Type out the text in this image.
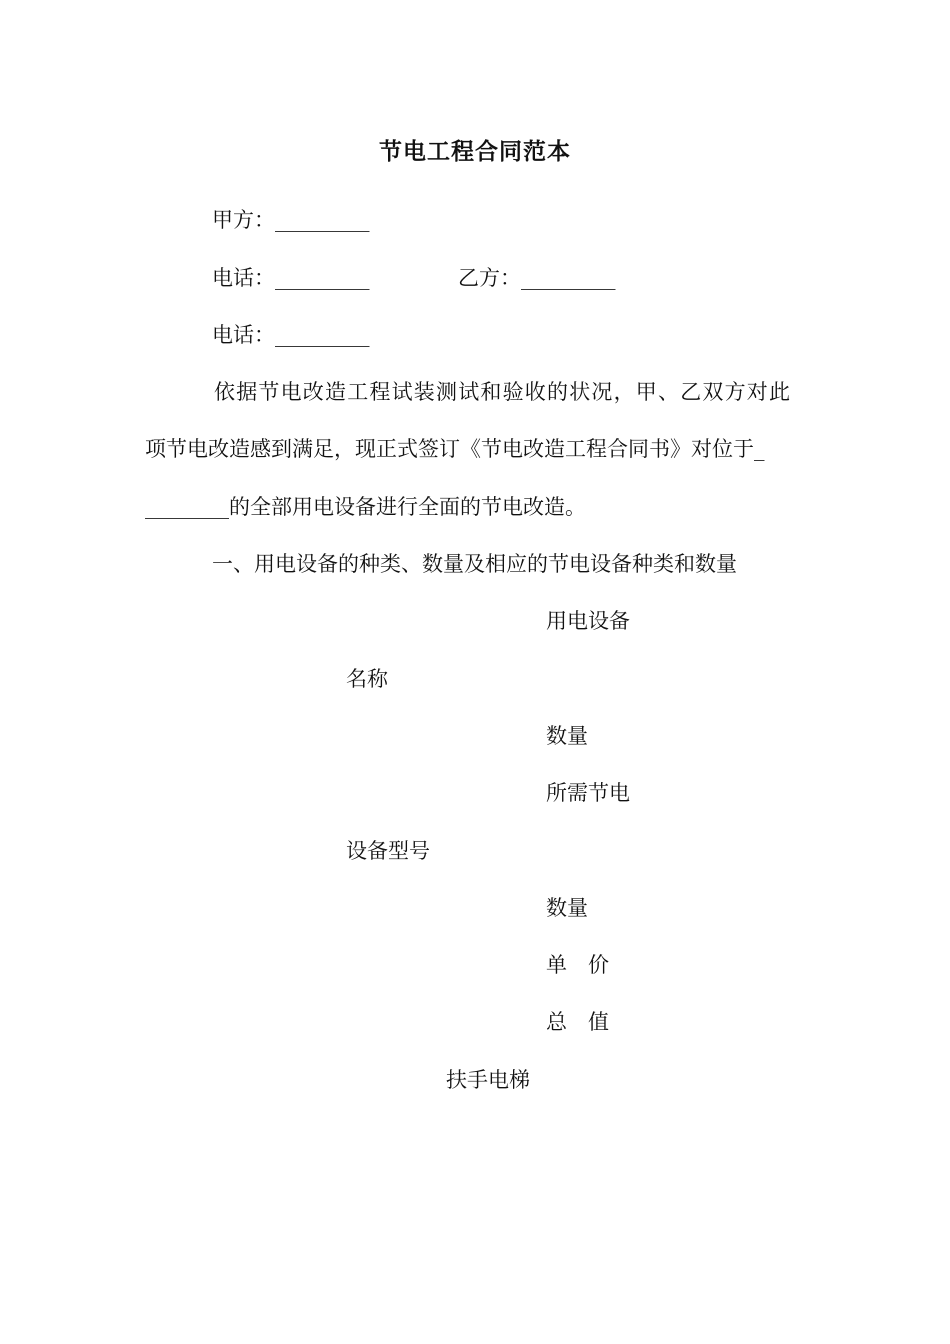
节电工程合同范本
甲方：_________
电话：_________	乙方：_________
电话：_________
依据节电改造工程试装测试和验收的状况，甲、乙双方对此
项节电改造感到满足，现正式签订《节电改造工程合同书》对位于_
________的全部用电设备进行全面的节电改造。
一、用电设备的种类、数量及相应的节电设备种类和数量
用电设备
名称
数量
所需节电
设备型号
数量
单　价
总　值
扶手电梯
